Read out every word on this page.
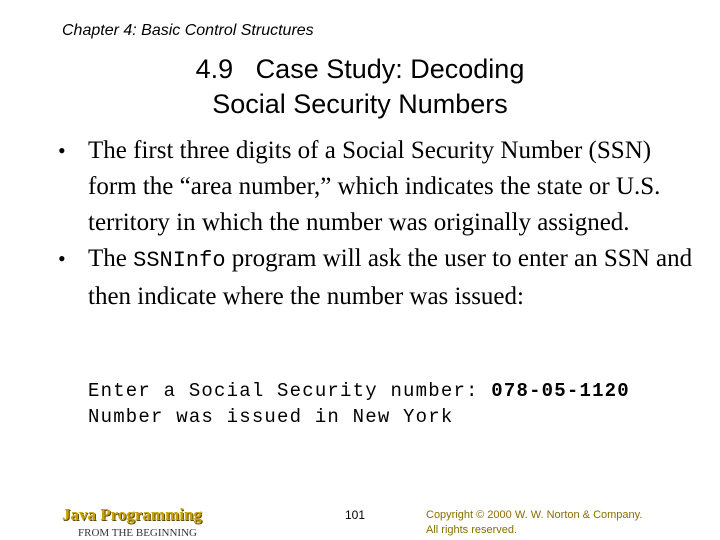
Chapter 4: Basic Control Structures
4.9   Case Study: Decoding
Social Security Numbers
• The first three digits of a Social Security Number (SSN) form the “area number,” which indicates the state or U.S. territory in which the number was originally assigned.
• The SSNInfo program will ask the user to enter an SSN and then indicate where the number was issued:
Enter a Social Security number: 078-05-1120
Number was issued in New York
Java Programming
FROM THE BEGINNING
101	Copyright © 2000 W. W. Norton & Company.
All rights reserved.
